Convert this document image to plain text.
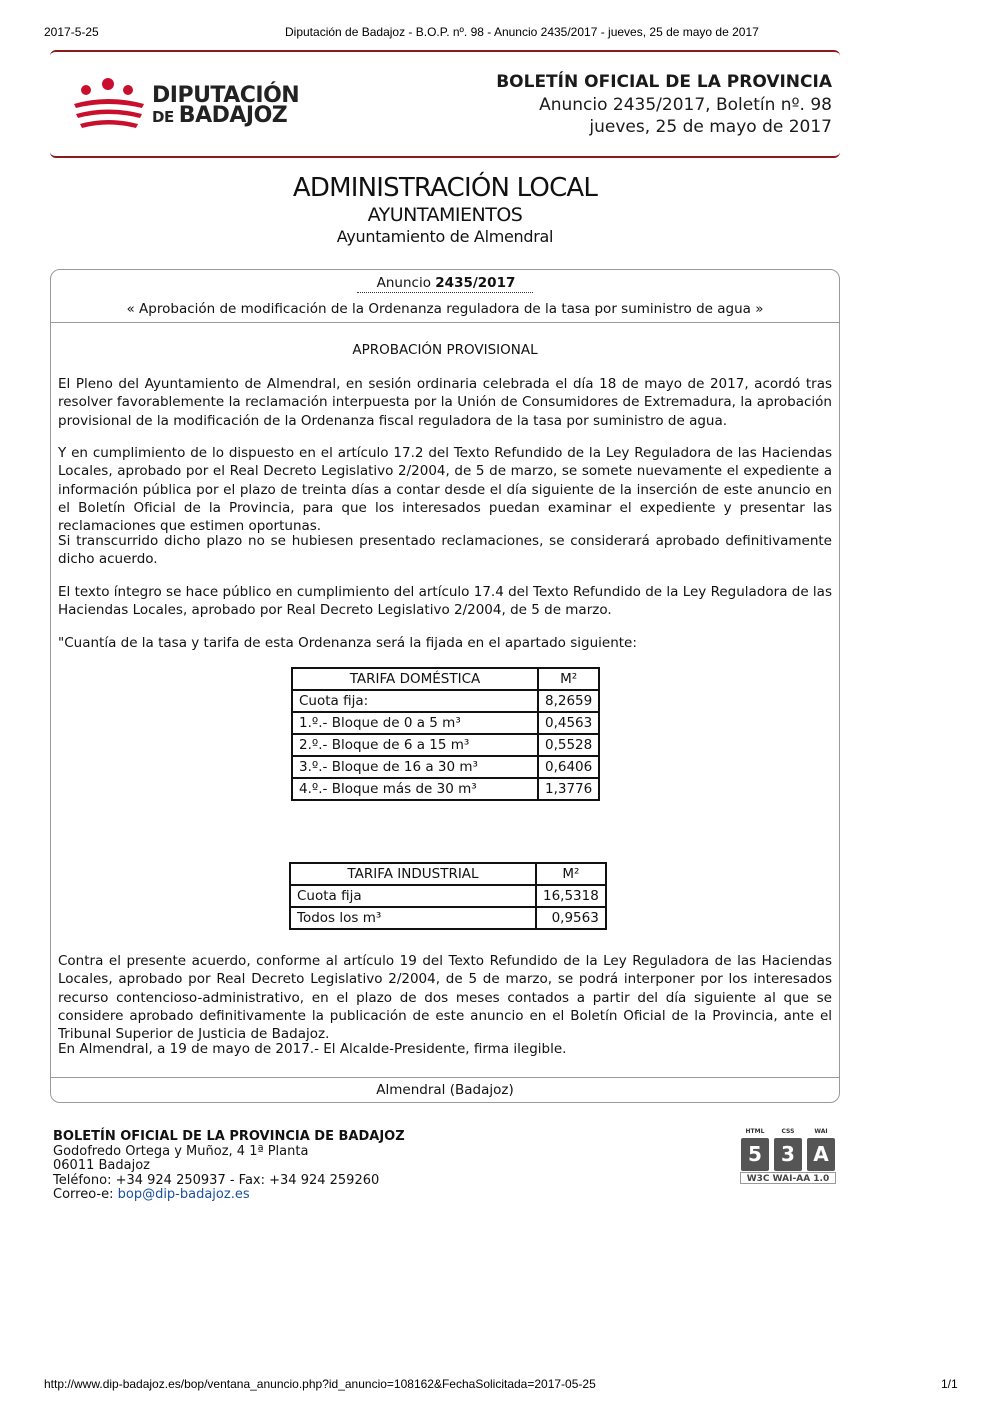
2017-5-25	Diputación de Badajoz - B.O.P. nº. 98 - Anuncio 2435/2017 - jueves, 25 de mayo de 2017
DIPUTACIÓN
DE BADAJOZ
BOLETÍN OFICIAL DE LA PROVINCIA
Anuncio 2435/2017, Boletín nº. 98
jueves, 25 de mayo de 2017
ADMINISTRACIÓN LOCAL
AYUNTAMIENTOS
Ayuntamiento de Almendral
Anuncio 2435/2017
« Aprobación de modificación de la Ordenanza reguladora de la tasa por suministro de agua »
APROBACIÓN PROVISIONAL
El Pleno del Ayuntamiento de Almendral, en sesión ordinaria celebrada el día 18 de mayo de 2017, acordó tras resolver favorablemente la reclamación interpuesta por la Unión de Consumidores de Extremadura, la aprobación provisional de la modificación de la Ordenanza fiscal reguladora de la tasa por suministro de agua.
Y en cumplimiento de lo dispuesto en el artículo 17.2 del Texto Refundido de la Ley Reguladora de las Haciendas Locales, aprobado por el Real Decreto Legislativo 2/2004, de 5 de marzo, se somete nuevamente el expediente a información pública por el plazo de treinta días a contar desde el día siguiente de la inserción de este anuncio en el Boletín Oficial de la Provincia, para que los interesados puedan examinar el expediente y presentar las reclamaciones que estimen oportunas.
Si transcurrido dicho plazo no se hubiesen presentado reclamaciones, se considerará aprobado definitivamente dicho acuerdo.
El texto íntegro se hace público en cumplimiento del artículo 17.4 del Texto Refundido de la Ley Reguladora de las Haciendas Locales, aprobado por Real Decreto Legislativo 2/2004, de 5 de marzo.
"Cuantía de la tasa y tarifa de esta Ordenanza será la fijada en el apartado siguiente:
TARIFA DOMÉSTICA	M²
Cuota fija:	8,2659
1.º.- Bloque de 0 a 5 m³	0,4563
2.º.- Bloque de 6 a 15 m³	0,5528
3.º.- Bloque de 16 a 30 m³	0,6406
4.º.- Bloque más de 30 m³	1,3776
TARIFA INDUSTRIAL	M²
Cuota fija	16,5318
Todos los m³	0,9563
Contra el presente acuerdo, conforme al artículo 19 del Texto Refundido de la Ley Reguladora de las Haciendas Locales, aprobado por Real Decreto Legislativo 2/2004, de 5 de marzo, se podrá interponer por los interesados recurso contencioso-administrativo, en el plazo de dos meses contados a partir del día siguiente al que se considere aprobado definitivamente la publicación de este anuncio en el Boletín Oficial de la Provincia, ante el Tribunal Superior de Justicia de Badajoz.
En Almendral, a 19 de mayo de 2017.- El Alcalde-Presidente, firma ilegible.
Almendral (Badajoz)
BOLETÍN OFICIAL DE LA PROVINCIA DE BADAJOZ
Godofredo Ortega y Muñoz, 4 1ª Planta
06011 Badajoz
Teléfono: +34 924 250937 - Fax: +34 924 259260
Correo-e: bop@dip-badajoz.es
HTML	CSS	WAI
5 3 A
W3C WAI-AA 1.0
http://www.dip-badajoz.es/bop/ventana_anuncio.php?id_anuncio=108162&FechaSolicitada=2017-05-25	1/1
